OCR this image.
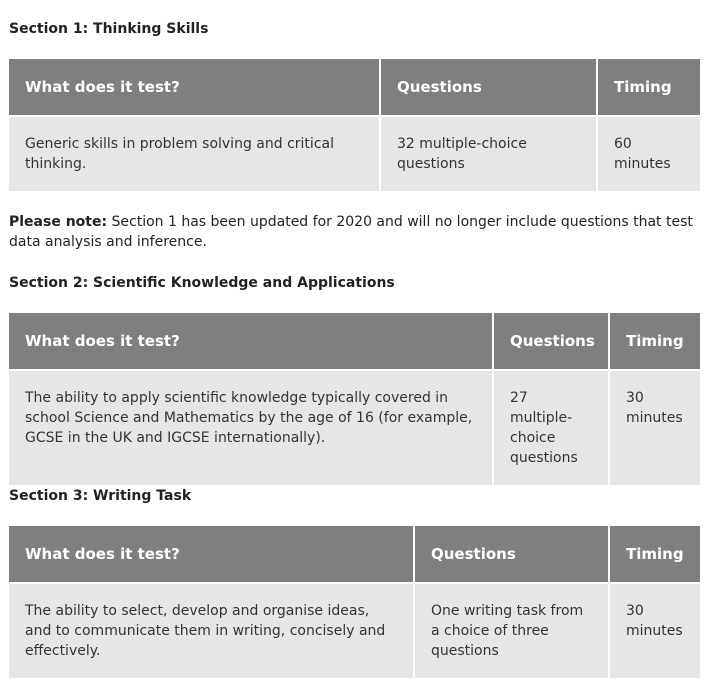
Section 1: Thinking Skills
What does it test?	Questions	Timing
Generic skills in problem solving and critical thinking.	32 multiple-choice questions	60 minutes

Please note: Section 1 has been updated for 2020 and will no longer include questions that test data analysis and inference.

Section 2: Scientific Knowledge and Applications
What does it test?	Questions	Timing
The ability to apply scientific knowledge typically covered in school Science and Mathematics by the age of 16 (for example, GCSE in the UK and IGCSE internationally).	27 multiple-choice questions	30 minutes
Section 3: Writing Task
What does it test?	Questions	Timing
The ability to select, develop and organise ideas, and to communicate them in writing, concisely and effectively.	One writing task from a choice of three questions	30 minutes
